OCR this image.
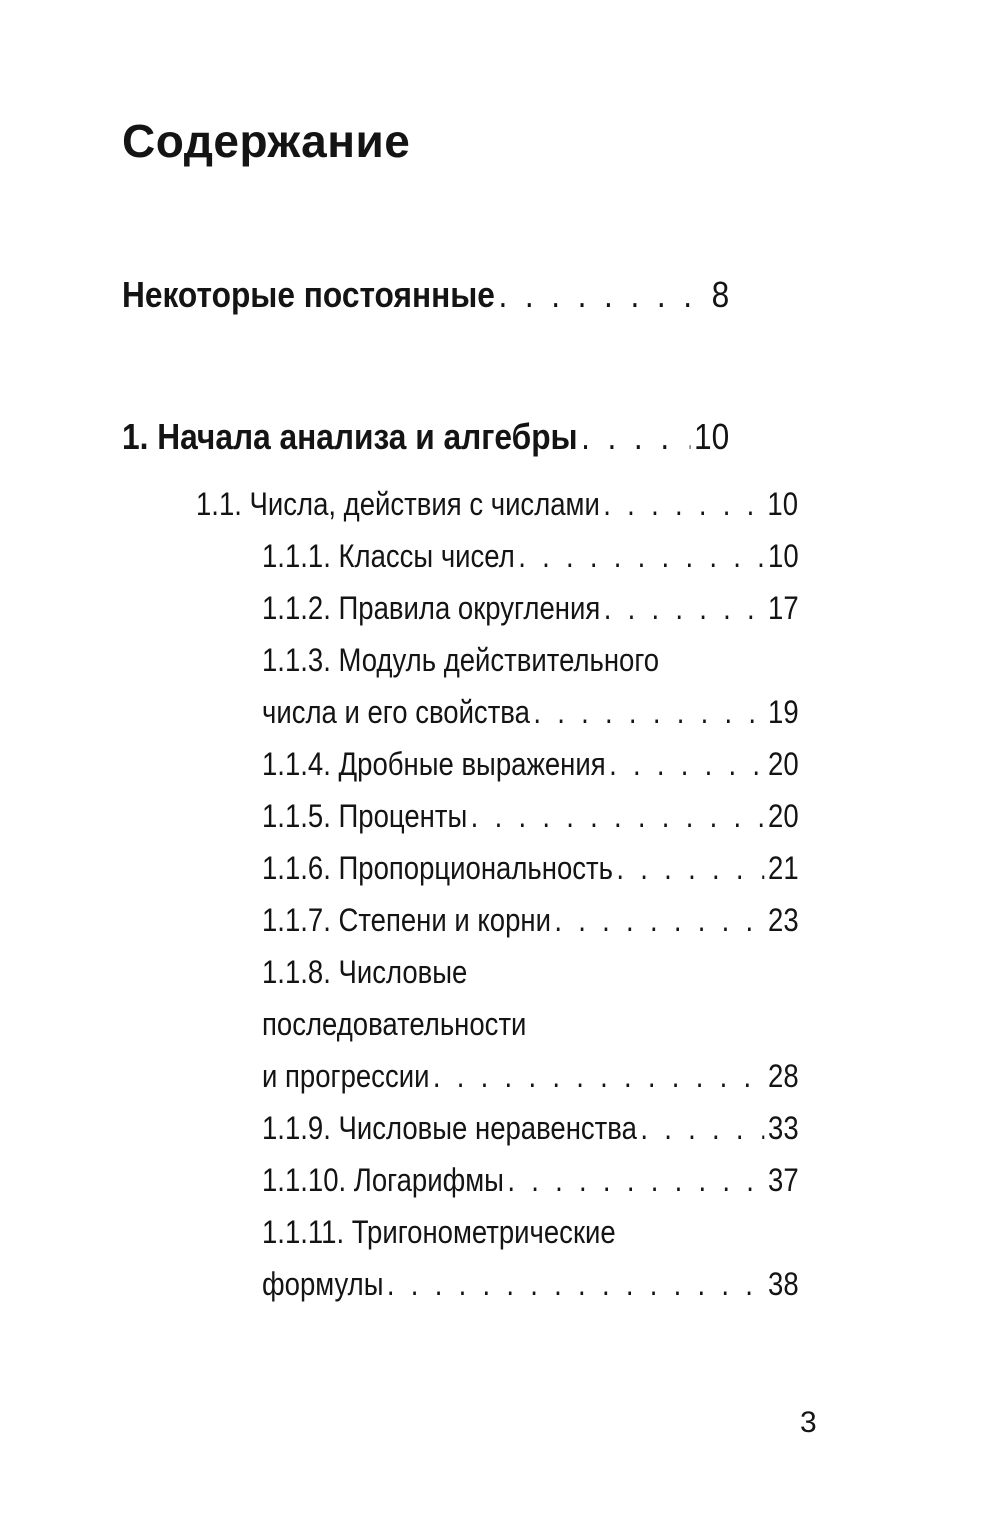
Содержание
Некоторые постоянные . . .	8
1. Начала анализа и алгебры . . .	10
1.1. Числа, действия с числами . . .	10
1.1.1. Классы чисел . . .	10
1.1.2. Правила округления . . .	17
1.1.3. Модуль действительного
числа и его свойства . . .	19
1.1.4. Дробные выражения . . .	20
1.1.5. Проценты . . .	20
1.1.6. Пропорциональность . . .	21
1.1.7. Степени и корни . . .	23
1.1.8. Числовые
последовательности
и прогрессии . . .	28
1.1.9. Числовые неравенства . . .	33
1.1.10. Логарифмы . . .	37
1.1.11. Тригонометрические
формулы . . .	38
3
